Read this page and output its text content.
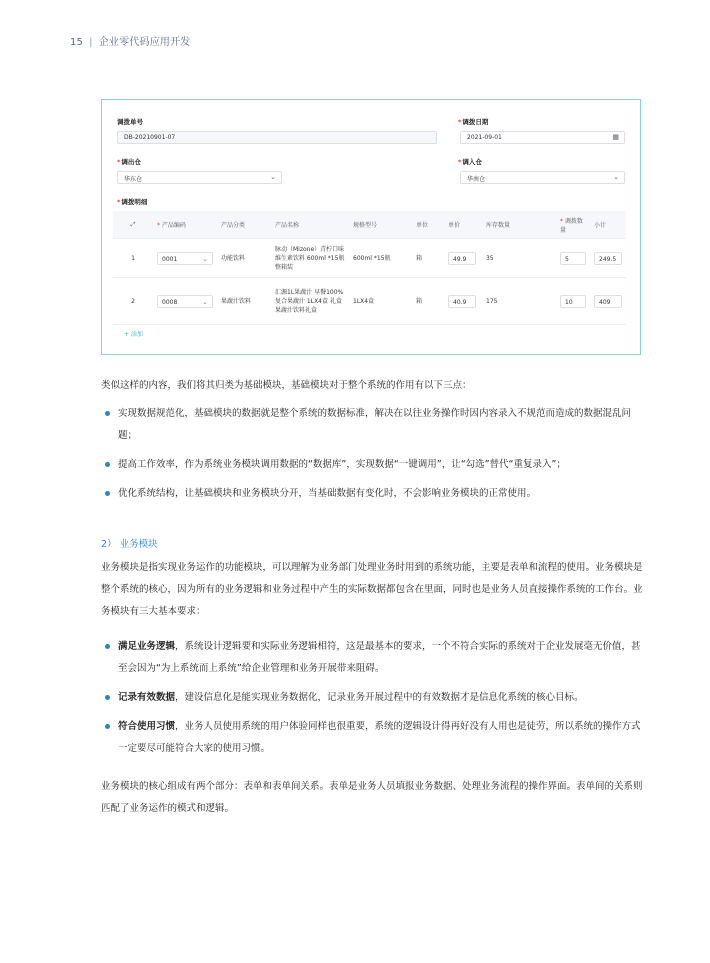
15 | 企业零代码应用开发
调拨单号
DB-20210901-07
*调拨日期
2021-09-01	▦
*调出仓
华东仓	⌄
*调入仓
华南仓	⌄
*调拨明细
⤢	* 产品编码	产品分类	产品名称	规格型号	单位	单价	库存数量	* 调拨数量	小计
1	0001 ⌄	功能饮料	脉动（Mizone）青柠口味 维生素饮料 600ml *15瓶 整箱装	600ml *15瓶	箱	49.9	35	5	249.5
2	0008 ⌄	果蔬汁饮料	汇源1L果蔬汁 早餐100%复合果蔬汁 1LX4盒 礼盒 果蔬汁饮料礼盒	1LX4盒	箱	40.9	175	10	409
+ 添加

类似这样的内容，我们将其归类为基础模块，基础模块对于整个系统的作用有以下三点：

实现数据规范化，基础模块的数据就是整个系统的数据标准，解决在以往业务操作时因内容录入不规范而造成的数据混乱问题；
提高工作效率，作为系统业务模块调用数据的“数据库”，实现数据“一键调用”，让“勾选”替代“重复录入”；
优化系统结构，让基础模块和业务模块分开，当基础数据有变化时，不会影响业务模块的正常使用。
2） 业务模块

业务模块是指实现业务运作的功能模块，可以理解为业务部门处理业务时用到的系统功能，主要是表单和流程的使用。业务模块是整个系统的核心，因为所有的业务逻辑和业务过程中产生的实际数据都包含在里面，同时也是业务人员直接操作系统的工作台。业务模块有三大基本要求：

满足业务逻辑，系统设计逻辑要和实际业务逻辑相符，这是最基本的要求，一个不符合实际的系统对于企业发展毫无价值，甚至会因为“为上系统而上系统”给企业管理和业务开展带来阻碍。
记录有效数据，建设信息化是能实现业务数据化，记录业务开展过程中的有效数据才是信息化系统的核心目标。
符合使用习惯，业务人员使用系统的用户体验同样也很重要，系统的逻辑设计得再好没有人用也是徒劳，所以系统的操作方式一定要尽可能符合大家的使用习惯。

业务模块的核心组成有两个部分：表单和表单间关系。表单是业务人员填报业务数据、处理业务流程的操作界面。表单间的关系则匹配了业务运作的模式和逻辑。
